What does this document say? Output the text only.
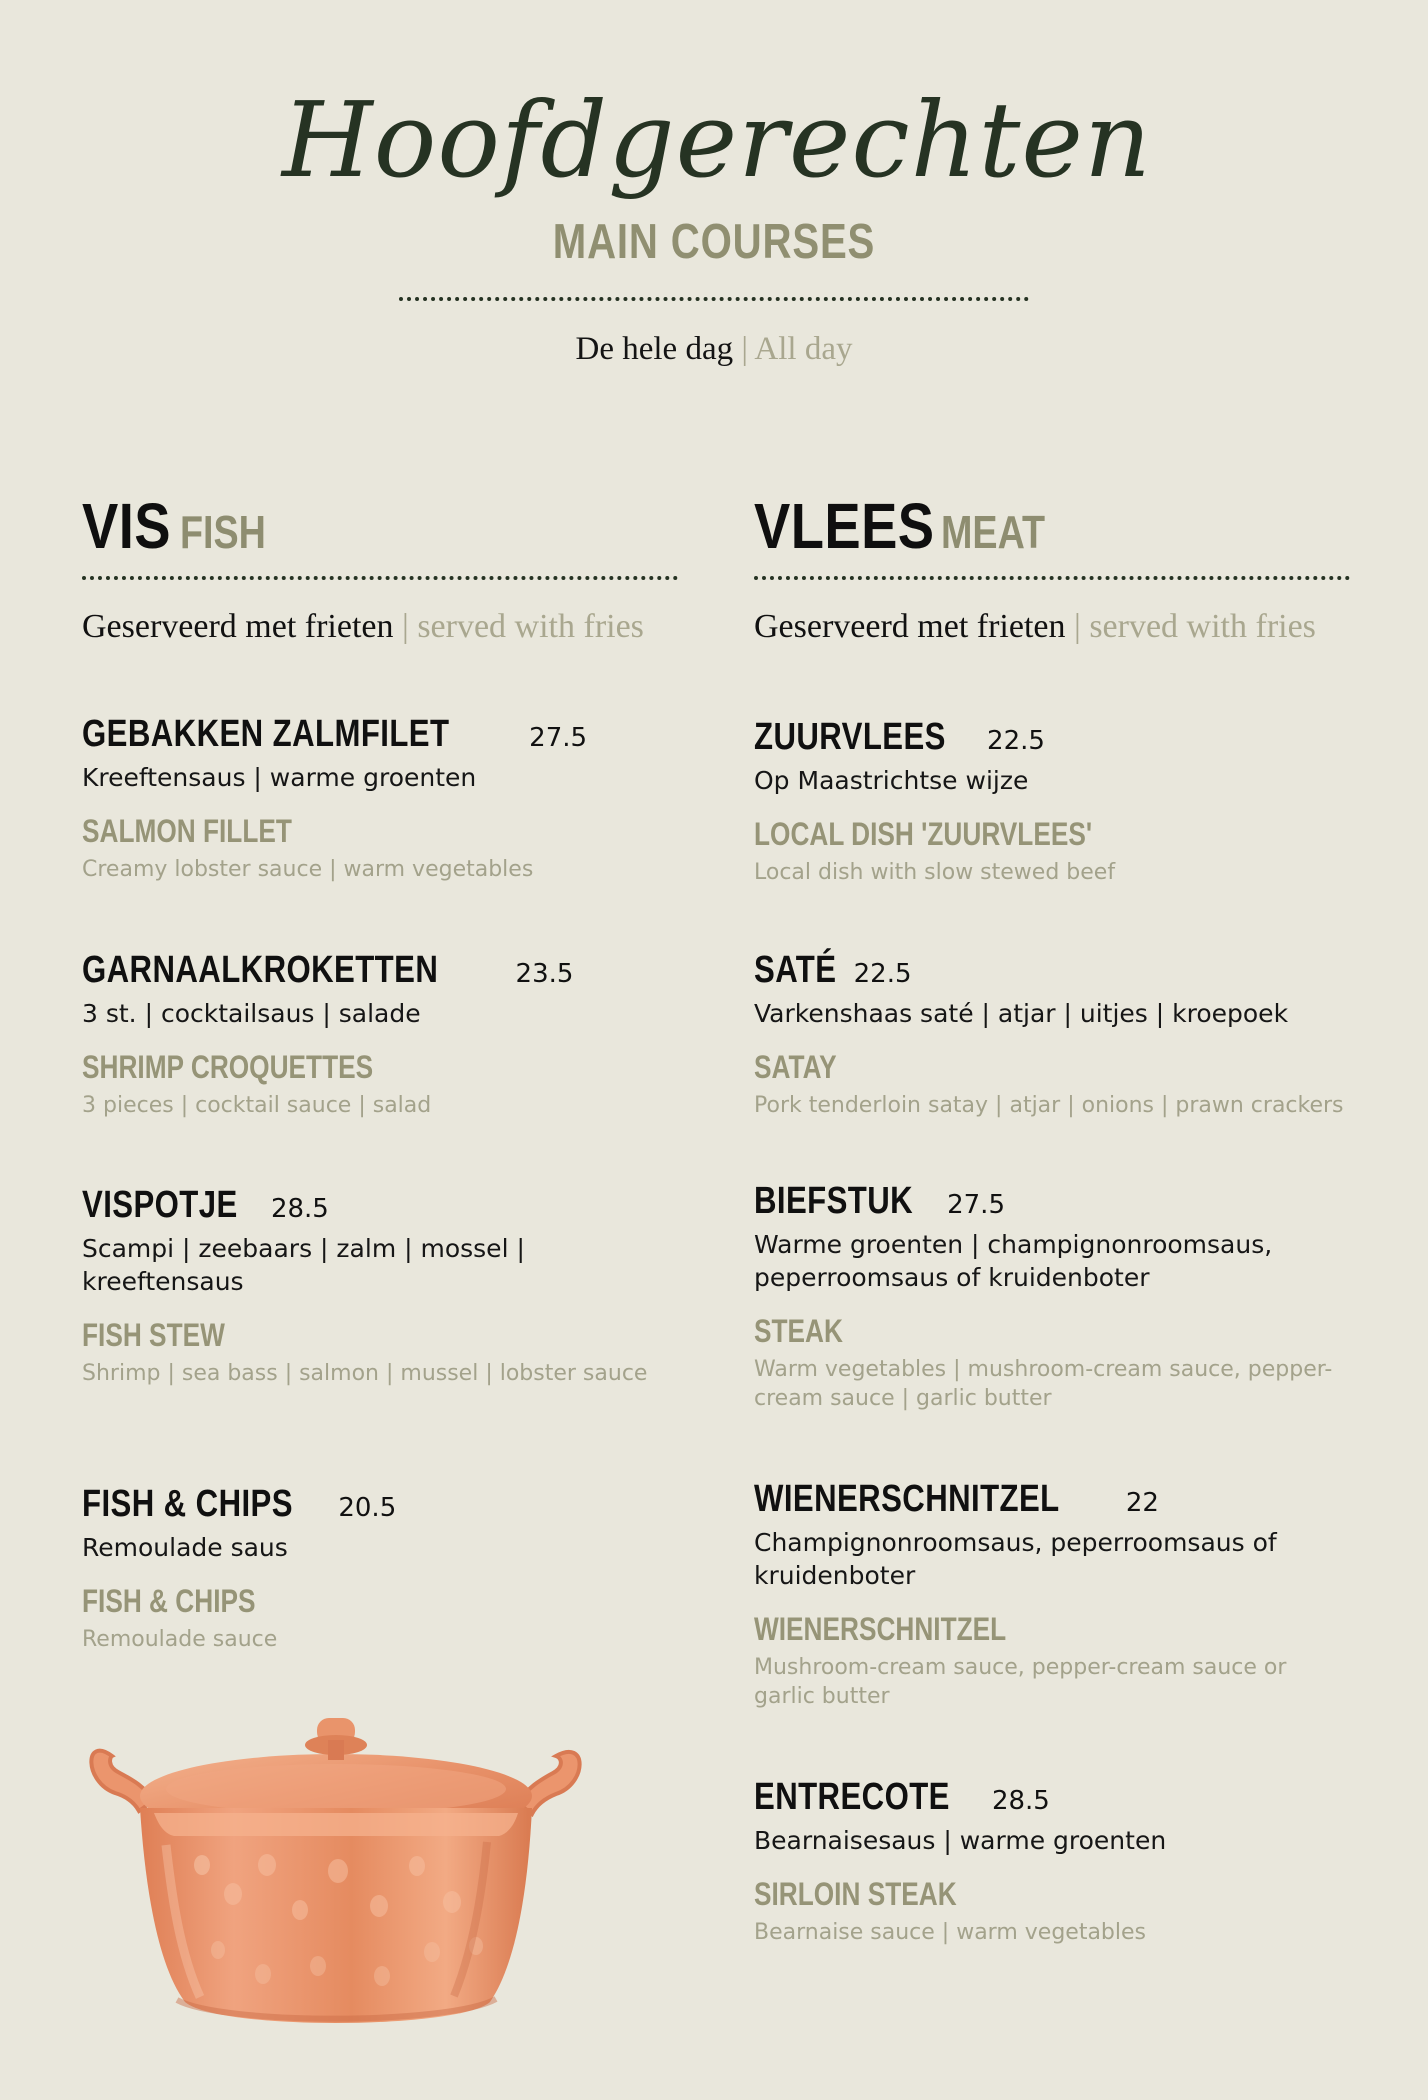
Hoofdgerechten
MAIN COURSES
De hele dag | All day
VIS FISH
Geserveerd met frieten | served with fries
GEBAKKEN ZALMFILET	27.5
Kreeftensaus | warme groenten
SALMON FILLET
Creamy lobster sauce | warm vegetables
GARNAALKROKETTEN	23.5
3 st. | cocktailsaus | salade
SHRIMP CROQUETTES
3 pieces | cocktail sauce | salad
VISPOTJE 28.5
Scampi | zeebaars | zalm | mossel | kreeftensaus
FISH STEW
Shrimp | sea bass | salmon | mussel | lobster sauce
FISH & CHIPS 20.5
Remoulade saus
FISH & CHIPS
Remoulade sauce
VLEES MEAT
Geserveerd met frieten | served with fries
ZUURVLEES 22.5
Op Maastrichtse wijze
LOCAL DISH 'ZUURVLEES'
Local dish with slow stewed beef
SATÉ 22.5
Varkenshaas saté | atjar | uitjes | kroepoek
SATAY
Pork tenderloin satay | atjar | onions | prawn crackers
BIEFSTUK 27.5
Warme groenten | champignonroomsaus, peperroomsaus of kruidenboter
STEAK
Warm vegetables | mushroom-cream sauce, pepper-cream sauce | garlic butter
WIENERSCHNITZEL	22
Champignonroomsaus, peperroomsaus of kruidenboter
WIENERSCHNITZEL
Mushroom-cream sauce, pepper-cream sauce or garlic butter
ENTRECOTE 28.5
Bearnaisesaus | warme groenten
SIRLOIN STEAK
Bearnaise sauce | warm vegetables
